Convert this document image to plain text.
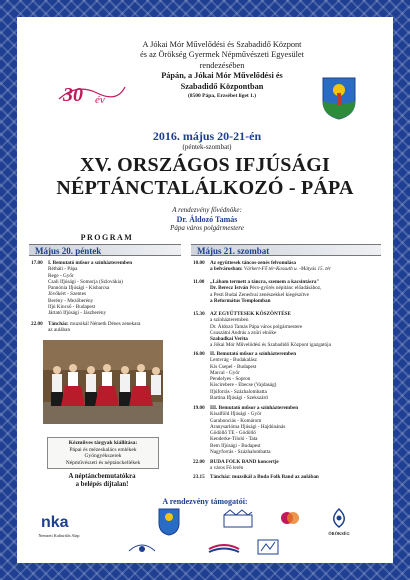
A Jókai Mór Művelődési és Szabadidő Központ
és az Örökség Gyermek Népművészeti Egyesület
rendezésében
Pápán, a Jókai Mór Művelődési és
Szabadidő Központban
(8500 Pápa, Erzsébet liget 1.)
30 év
2016. május 20-21-én
(péntek-szombat)
XV. ORSZÁGOS IFJÚSÁGI
NÉPTÁNCTALÁLKOZÓ - PÁPA
A rendezvény fővédnöke:
Dr. Áldozó Tamás
Pápa város polgármestere
PROGRAM
Május 20. péntek	Május 21. szombat
17.00 I. Bemutató műsor a színházteremben
Rétháti - Pápa
Rege - Győr
Csali Ifjúsági - Somorja (Szlovákia)
Pannónia Ifjúsági - Kisbarcsa
Jövőkért - Szentes
Berény - Mezőberény
Ifjú Kincső - Budapest
Jártató Ifjúsági - Jászberény
22.00 Táncház: muzsikál Németh Dénes zenekara
az aulában
Kézműves tárgyak kiállítása:
Pápai és mézeskalács emlékek
Gyöngyékszerek
Népművészeti és néptánckellékek
A néptáncbemutatókra
a belépés díjtalan!
10.00 Az együttesek táncos-zenés felvonulása
a belvárosban: Várkert-Fő tér-Kossuth u. -Mátyás 15. tér
11.00 „Lábam termett a táncra, szemem a kacsintásra"
Dr. Berecz István Pécs-győrés népitánc előadásához,
a Pesti Budai Zenedvai zenészekkel kiegészítve
a Református Templomban
15.30 AZ EGYÜTTESEK KÖSZÖNTÉSE
a színházteremben
Dr. Áldozó Tamás Pápa város polgármestere
Csuszátni András a zsűri elnöke
Szabadkai Verita
a Jókai Mór Művelődési és Szabadidő Központ igazgatója
16.00 II. Bemutató műsor a színházteremben
Lemvrág - Budakalász
Kis Csepel - Budapest
Marcal - Győr
Pendelyes - Sopron
Kiscirebere - Ebecse (Vajdaság)
Ifjúforrás - Százhalombatta
Bartina Ifjúsági - Szekszárd
19.00 III. Bemutató műsor a színházteremben
Kisalföld Ifjúsági - Győr
Garabonciás - Komárom
Aranysarlóma Ifjúsági - Hajdúnánás
Gödöllő TE - Gödöllő
Kenderke-Tiloló - Tata
Bem Ifjúsági - Budapest
Nagyforrás - Százhalombatta
22.00 BUDA FOLK BAND koncertje
a város Fő terén
23.15 Táncház: muzsikál a Buda Folk Band az aulában
A rendezvény támogatói:
nka
Nemzeti Kulturális Alap	ÖRÖKSÉG
